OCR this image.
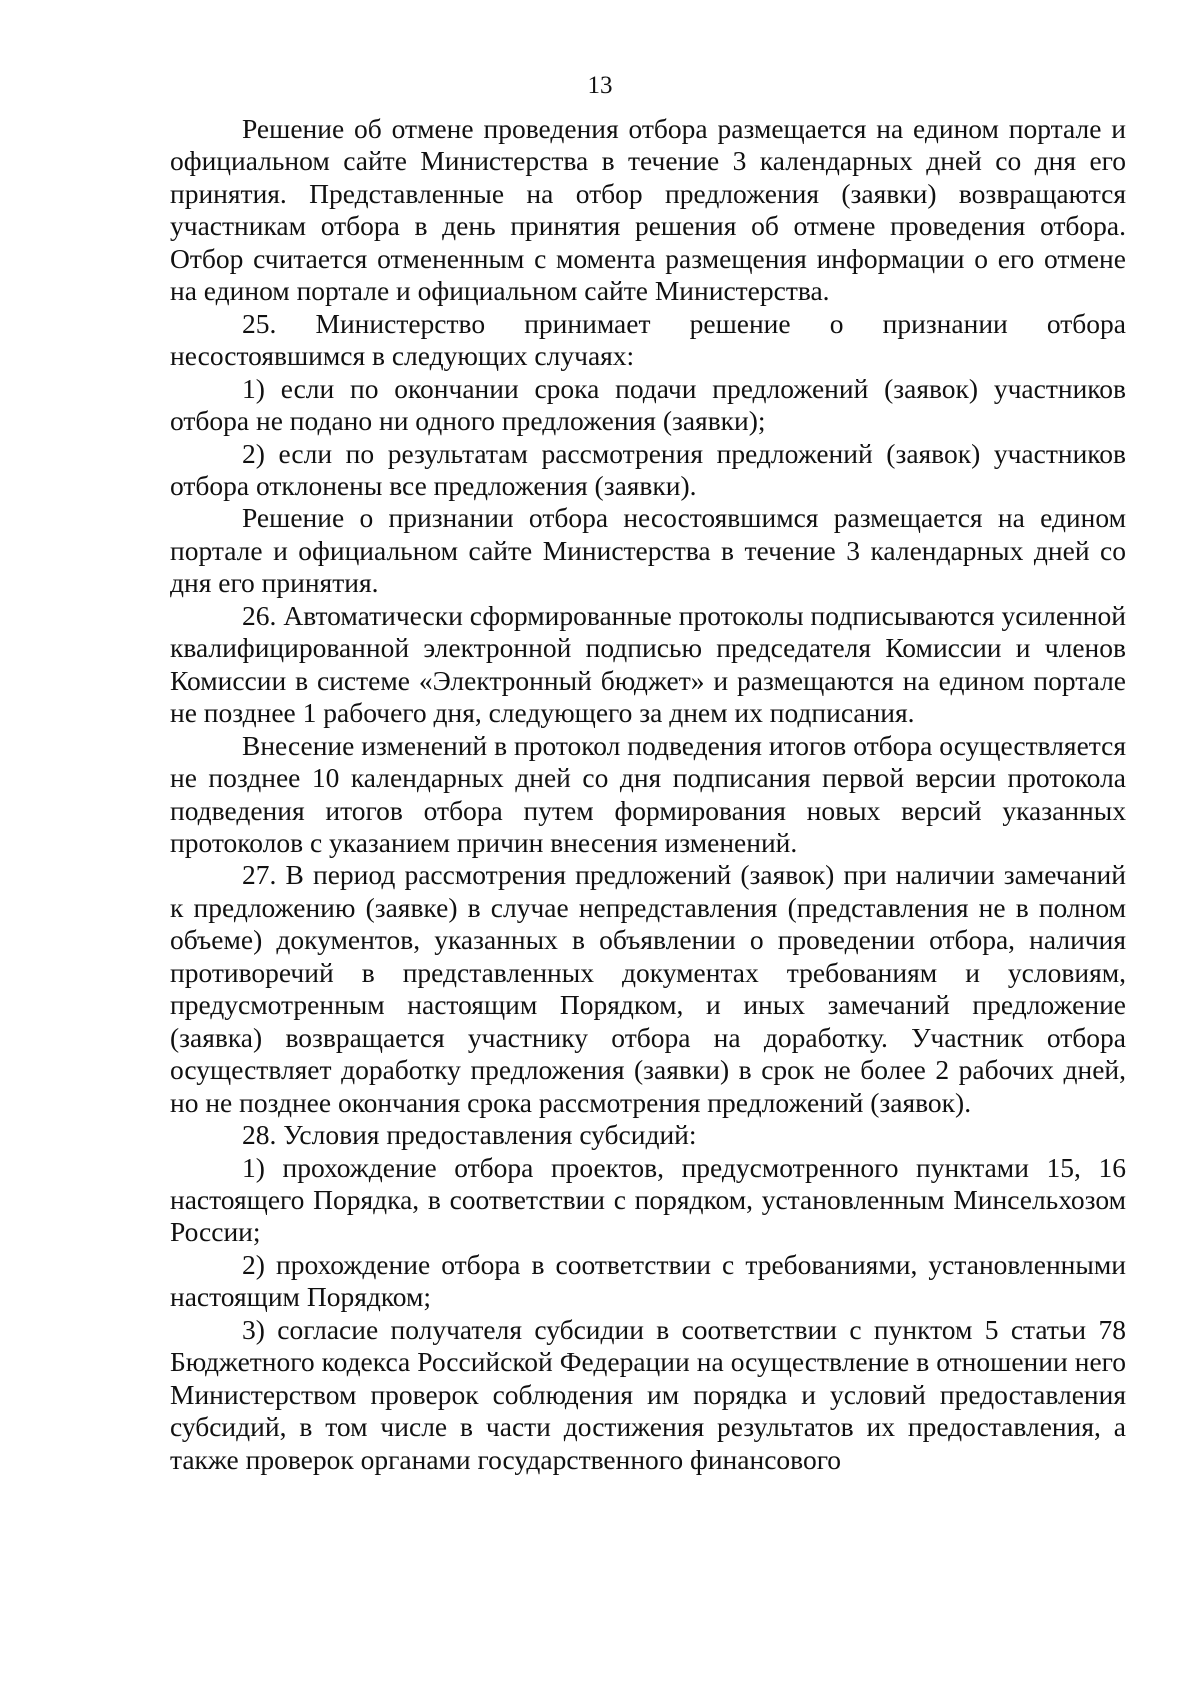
13

Решение об отмене проведения отбора размещается на едином портале и официальном сайте Министерства в течение 3 календарных дней со дня его принятия. Представленные на отбор предложения (заявки) возвращаются участникам отбора в день принятия решения об отмене проведения отбора. Отбор считается отмененным с момента размещения информации о его отмене на едином портале и официальном сайте Министерства.

25. Министерство принимает решение о признании отбора несостоявшимся в следующих случаях:

1) если по окончании срока подачи предложений (заявок) участников отбора не подано ни одного предложения (заявки);

2) если по результатам рассмотрения предложений (заявок) участников отбора отклонены все предложения (заявки).

Решение о признании отбора несостоявшимся размещается на едином портале и официальном сайте Министерства в течение 3 календарных дней со дня его принятия.

26. Автоматически сформированные протоколы подписываются усиленной квалифицированной электронной подписью председателя Комиссии и членов Комиссии в системе «Электронный бюджет» и размещаются на едином портале не позднее 1 рабочего дня, следующего за днем их подписания.

Внесение изменений в протокол подведения итогов отбора осуществляется не позднее 10 календарных дней со дня подписания первой версии протокола подведения итогов отбора путем формирования новых версий указанных протоколов с указанием причин внесения изменений.

27. В период рассмотрения предложений (заявок) при наличии замечаний к предложению (заявке) в случае непредставления (представления не в полном объеме) документов, указанных в объявлении о проведении отбора, наличия противоречий в представленных документах требованиям и условиям, предусмотренным настоящим Порядком, и иных замечаний предложение (заявка) возвращается участнику отбора на доработку. Участник отбора осуществляет доработку предложения (заявки) в срок не более 2 рабочих дней, но не позднее окончания срока рассмотрения предложений (заявок).

28. Условия предоставления субсидий:

1) прохождение отбора проектов, предусмотренного пунктами 15, 16 настоящего Порядка, в соответствии с порядком, установленным Минсельхозом России;

2) прохождение отбора в соответствии с требованиями, установленными настоящим Порядком;

3) согласие получателя субсидии в соответствии с пунктом 5 статьи 78 Бюджетного кодекса Российской Федерации на осуществление в отношении него Министерством проверок соблюдения им порядка и условий предоставления субсидий, в том числе в части достижения результатов их предоставления, а также проверок органами государственного финансового
